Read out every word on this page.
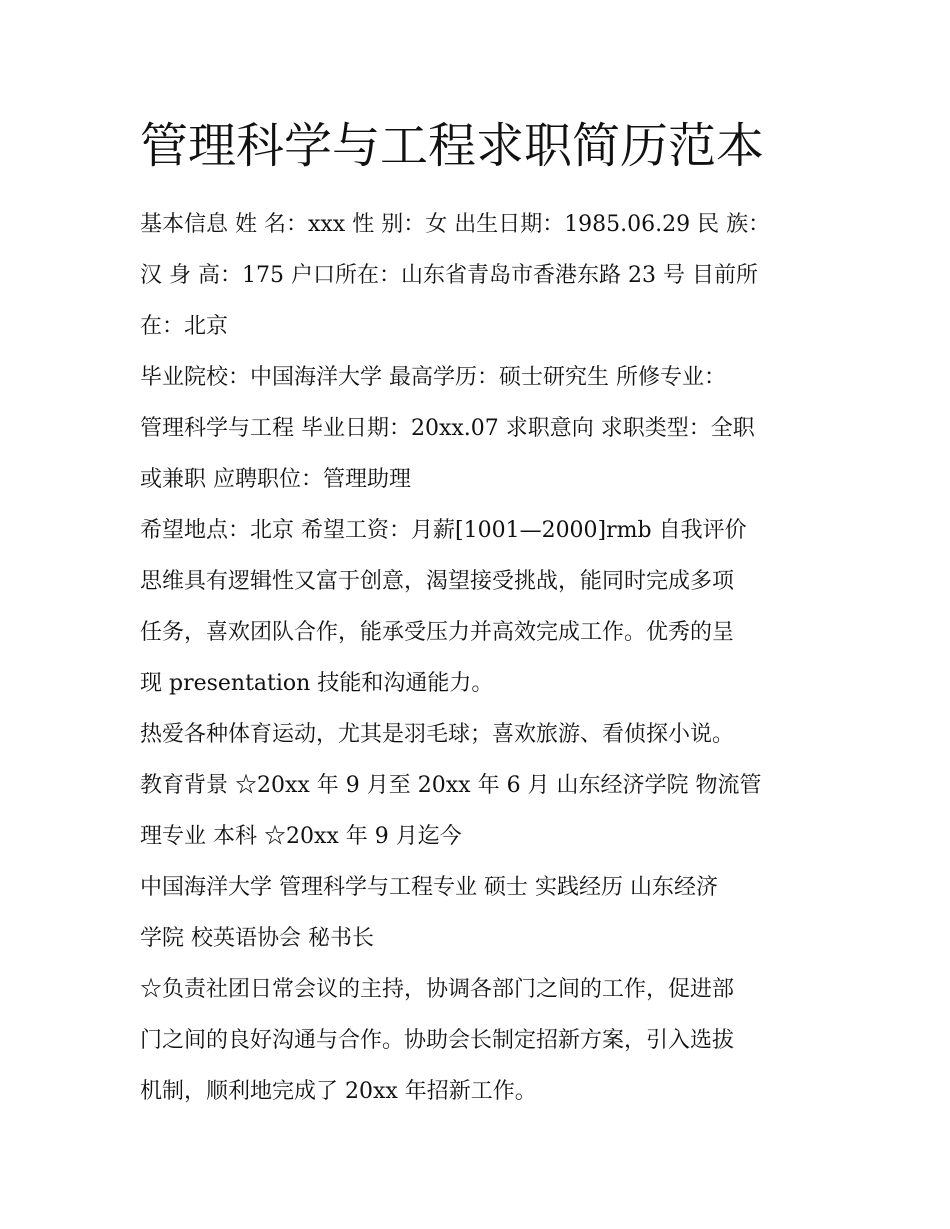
管理科学与工程求职简历范本

基本信息 姓 名：xxx 性 别：女 出生日期：1985.06.29 民 族：
汉 身 高：175 户口所在：山东省青岛市香港东路 23 号 目前所
在：北京

毕业院校：中国海洋大学 最高学历：硕士研究生 所修专业：
管理科学与工程 毕业日期：20xx.07 求职意向 求职类型：全职
或兼职 应聘职位：管理助理

希望地点：北京 希望工资：月薪[1001—2000]rmb 自我评价

思维具有逻辑性又富于创意，渴望接受挑战，能同时完成多项
任务，喜欢团队合作，能承受压力并高效完成工作。优秀的呈
现 presentation 技能和沟通能力。

热爱各种体育运动，尤其是羽毛球；喜欢旅游、看侦探小说。

教育背景 ☆20xx 年 9 月至 20xx 年 6 月 山东经济学院 物流管
理专业 本科 ☆20xx 年 9 月迄今

中国海洋大学 管理科学与工程专业 硕士 实践经历 山东经济
学院 校英语协会 秘书长

☆负责社团日常会议的主持，协调各部门之间的工作，促进部
门之间的良好沟通与合作。协助会长制定招新方案，引入选拔
机制，顺利地完成了 20xx 年招新工作。
